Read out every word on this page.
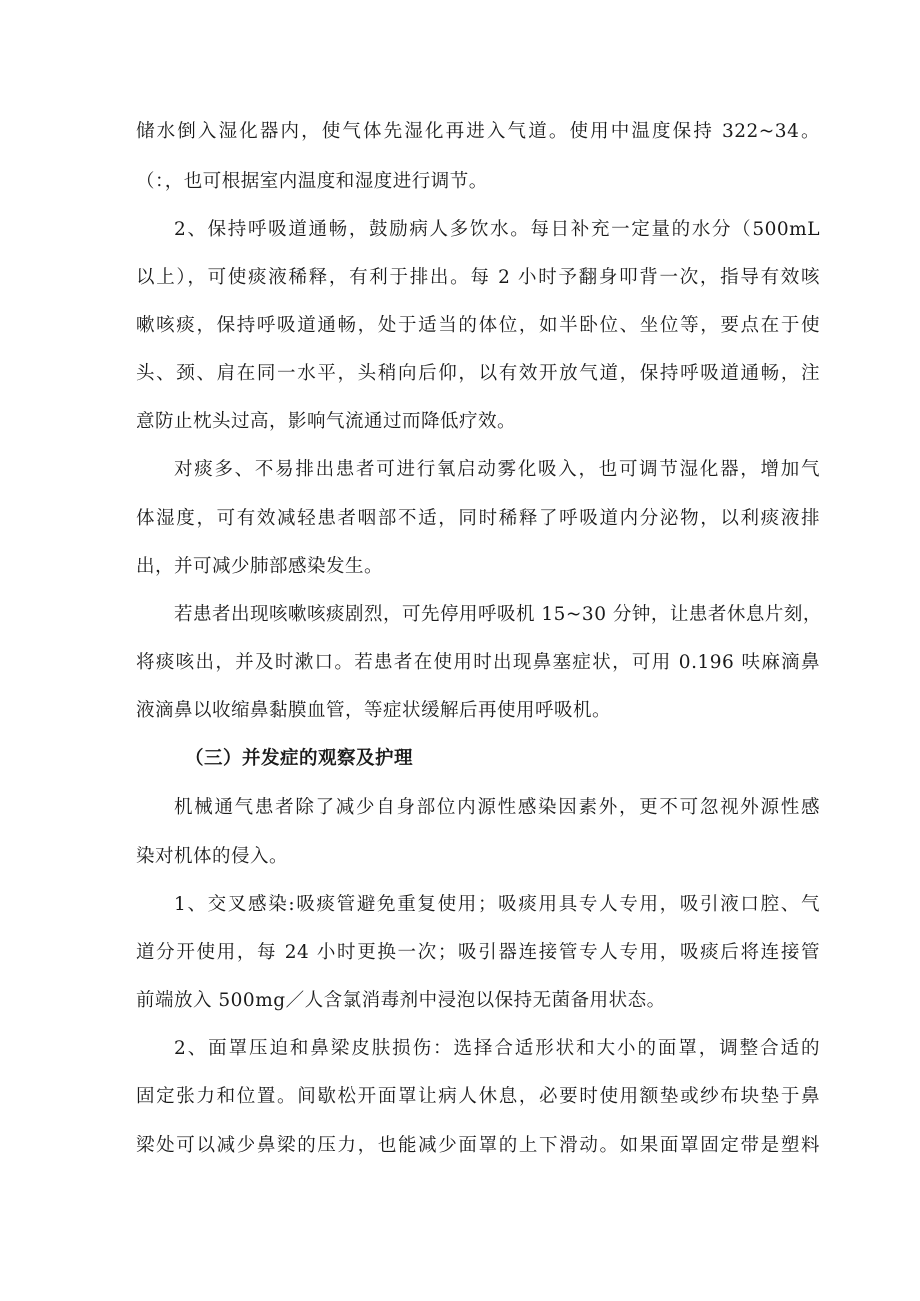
储水倒入湿化器内，使气体先湿化再进入气道。使用中温度保持 322~34。
（：，也可根据室内温度和湿度进行调节。
2、保持呼吸道通畅，鼓励病人多饮水。每日补充一定量的水分（500mL
以上），可使痰液稀释，有利于排出。每 2 小时予翻身叩背一次，指导有效咳
嗽咳痰，保持呼吸道通畅，处于适当的体位，如半卧位、坐位等，要点在于使
头、颈、肩在同一水平，头稍向后仰，以有效开放气道，保持呼吸道通畅，注
意防止枕头过高，影响气流通过而降低疗效。
对痰多、不易排出患者可进行氧启动雾化吸入，也可调节湿化器，增加气
体湿度，可有效减轻患者咽部不适，同时稀释了呼吸道内分泌物，以利痰液排
出，并可减少肺部感染发生。
若患者出现咳嗽咳痰剧烈，可先停用呼吸机 15~30 分钟，让患者休息片刻，
将痰咳出，并及时漱口。若患者在使用时出现鼻塞症状，可用 0.196 呋麻滴鼻
液滴鼻以收缩鼻黏膜血管，等症状缓解后再使用呼吸机。
（三）并发症的观察及护理
机械通气患者除了减少自身部位内源性感染因素外，更不可忽视外源性感
染对机体的侵入。
1、交叉感染:吸痰管避免重复使用；吸痰用具专人专用，吸引液口腔、气
道分开使用，每 24 小时更换一次；吸引器连接管专人专用，吸痰后将连接管
前端放入 500mg／人含氯消毒剂中浸泡以保持无菌备用状态。
2、面罩压迫和鼻梁皮肤损伤：选择合适形状和大小的面罩，调整合适的
固定张力和位置。间歇松开面罩让病人休息，必要时使用额垫或纱布块垫于鼻
梁处可以减少鼻梁的压力，也能减少面罩的上下滑动。如果面罩固定带是塑料
